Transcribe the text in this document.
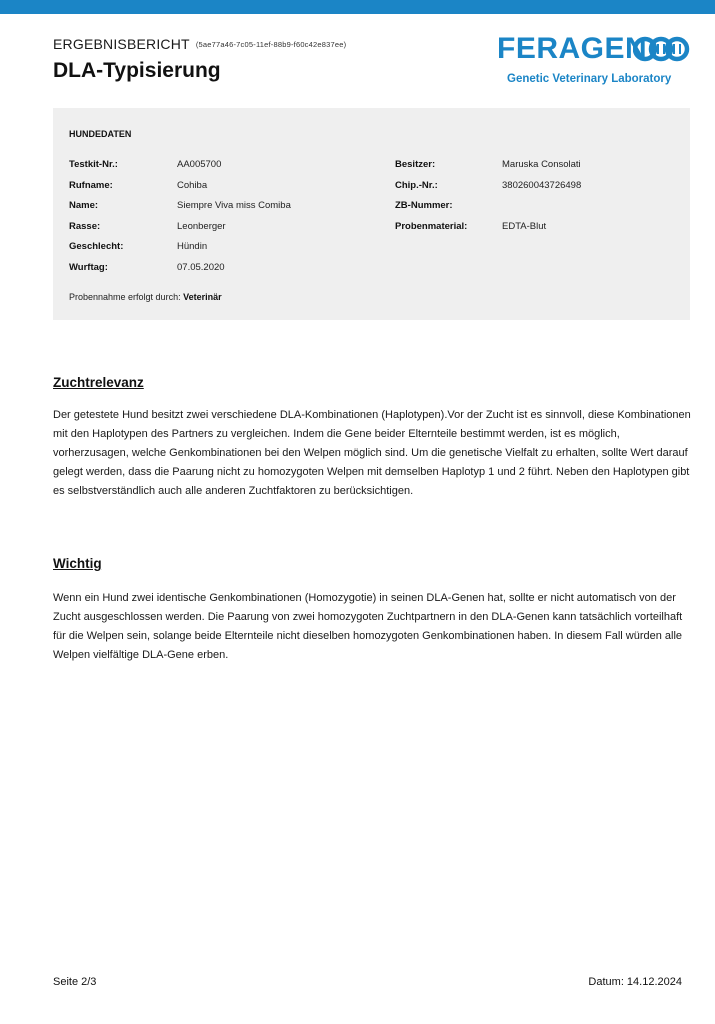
ERGEBNISBERICHT (5ae77a46-7c05-11ef-88b9-f60c42e837ee)
DLA-Typisierung
FERAGEN
Genetic Veterinary Laboratory
HUNDEDATEN
Testkit-Nr.:	AA005700
Rufname:	Cohiba
Name:	Siempre Viva miss Comiba
Rasse:	Leonberger
Geschlecht:	Hündin
Wurftag:	07.05.2020
Besitzer:	Maruska Consolati
Chip.-Nr.:	380260043726498
ZB-Nummer:
Probenmaterial:	EDTA-Blut
Probennahme erfolgt durch: Veterinär
Zuchtrelevanz
Der getestete Hund besitzt zwei verschiedene DLA-Kombinationen (Haplotypen).Vor der Zucht ist es sinnvoll, diese Kombinationen mit den Haplotypen des Partners zu vergleichen. Indem die Gene beider Elternteile bestimmt werden, ist es möglich, vorherzusagen, welche Genkombinationen bei den Welpen möglich sind. Um die genetische Vielfalt zu erhalten, sollte Wert darauf gelegt werden, dass die Paarung nicht zu homozygoten Welpen mit demselben Haplotyp 1 und 2 führt. Neben den Haplotypen gibt es selbstverständlich auch alle anderen Zuchtfaktoren zu berücksichtigen.
Wichtig
Wenn ein Hund zwei identische Genkombinationen (Homozygotie) in seinen DLA-Genen hat, sollte er nicht automatisch von der Zucht ausgeschlossen werden. Die Paarung von zwei homozygoten Zuchtpartnern in den DLA-Genen kann tatsächlich vorteilhaft für die Welpen sein, solange beide Elternteile nicht dieselben homozygoten Genkombinationen haben. In diesem Fall würden alle Welpen vielfältige DLA-Gene erben.
Seite 2/3	Datum: 14.12.2024
